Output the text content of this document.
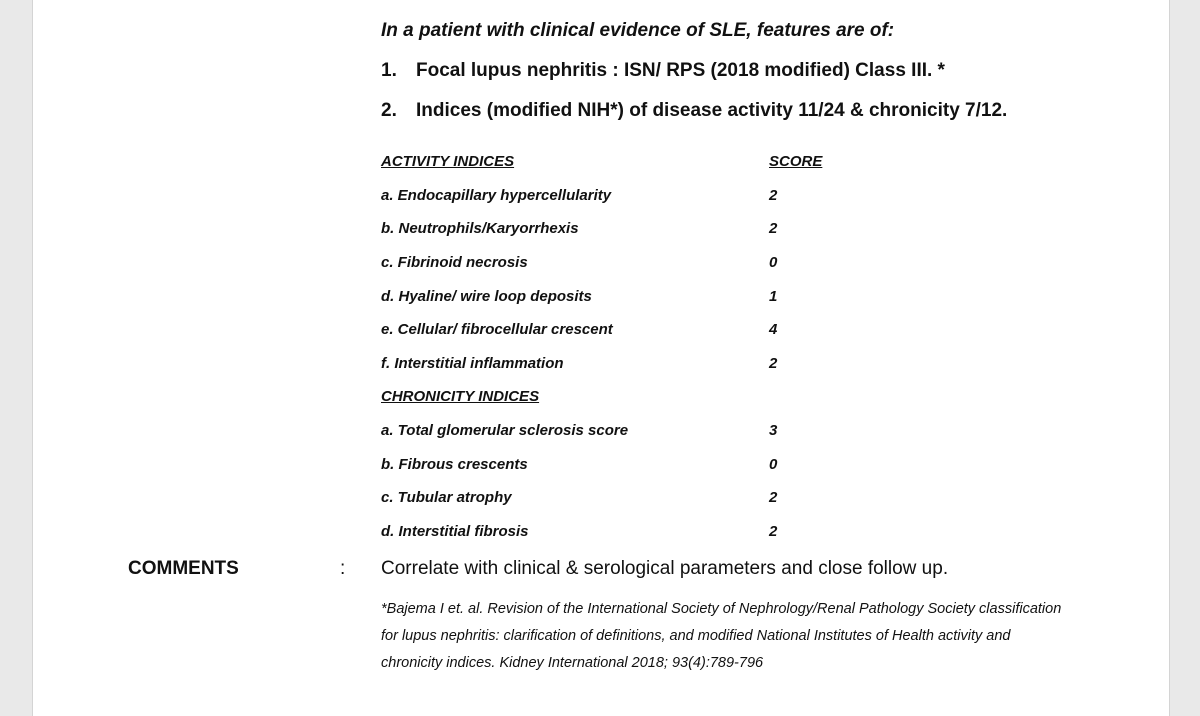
In a patient with clinical evidence of SLE, features are of:
1. Focal lupus nephritis : ISN/ RPS (2018 modified) Class III. *
2. Indices (modified NIH*) of disease activity 11/24 & chronicity 7/12.
ACTIVITY INDICES	SCORE
a. Endocapillary hypercellularity	2
b. Neutrophils/Karyorrhexis	2
c. Fibrinoid necrosis	0
d. Hyaline/ wire loop deposits	1
e. Cellular/ fibrocellular crescent	4
f. Interstitial inflammation	2
CHRONICITY INDICES
a. Total glomerular sclerosis score	3
b. Fibrous crescents	0
c. Tubular atrophy	2
d. Interstitial fibrosis	2
COMMENTS	: Correlate with clinical & serological parameters and close follow up.
*Bajema I et. al. Revision of the International Society of Nephrology/Renal Pathology Society classification for lupus nephritis: clarification of definitions, and modified National Institutes of Health activity and chronicity indices. Kidney International 2018; 93(4):789-796
